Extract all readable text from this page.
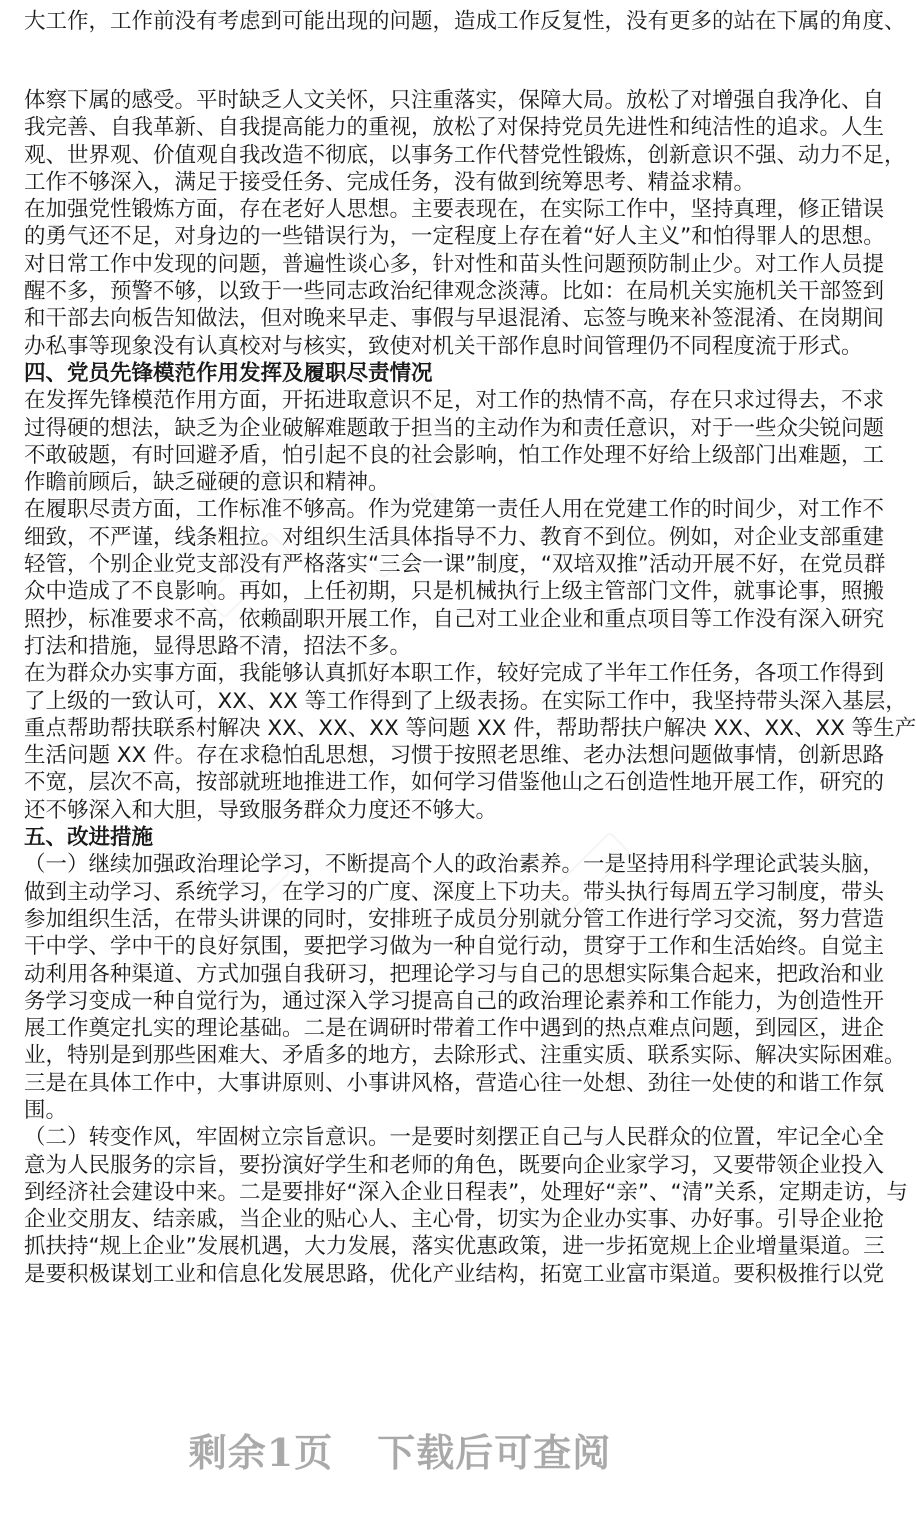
大工作，工作前没有考虑到可能出现的问题，造成工作反复性，没有更多的站在下属的角度、
体察下属的感受。平时缺乏人文关怀，只注重落实，保障大局。放松了对增强自我净化、自
我完善、自我革新、自我提高能力的重视，放松了对保持党员先进性和纯洁性的追求。人生
观、世界观、价值观自我改造不彻底，以事务工作代替党性锻炼，创新意识不强、动力不足，
工作不够深入，满足于接受任务、完成任务，没有做到统筹思考、精益求精。
在加强党性锻炼方面，存在老好人思想。主要表现在，在实际工作中，坚持真理，修正错误
的勇气还不足，对身边的一些错误行为，一定程度上存在着“好人主义”和怕得罪人的思想。
对日常工作中发现的问题，普遍性谈心多，针对性和苗头性问题预防制止少。对工作人员提
醒不多，预警不够，以致于一些同志政治纪律观念淡薄。比如：在局机关实施机关干部签到
和干部去向板告知做法，但对晚来早走、事假与早退混淆、忘签与晚来补签混淆、在岗期间
办私事等现象没有认真校对与核实，致使对机关干部作息时间管理仍不同程度流于形式。
四、党员先锋模范作用发挥及履职尽责情况
在发挥先锋模范作用方面，开拓进取意识不足，对工作的热情不高，存在只求过得去，不求
过得硬的想法，缺乏为企业破解难题敢于担当的主动作为和责任意识，对于一些众尖锐问题
不敢破题，有时回避矛盾，怕引起不良的社会影响，怕工作处理不好给上级部门出难题，工
作瞻前顾后，缺乏碰硬的意识和精神。
在履职尽责方面，工作标准不够高。作为党建第一责任人用在党建工作的时间少，对工作不
细致，不严谨，线条粗拉。对组织生活具体指导不力、教育不到位。例如，对企业支部重建
轻管，个别企业党支部没有严格落实“三会一课”制度，“双培双推”活动开展不好，在党员群
众中造成了不良影响。再如，上任初期，只是机械执行上级主管部门文件，就事论事，照搬
照抄，标准要求不高，依赖副职开展工作，自己对工业企业和重点项目等工作没有深入研究
打法和措施，显得思路不清，招法不多。
在为群众办实事方面，我能够认真抓好本职工作，较好完成了半年工作任务，各项工作得到
了上级的一致认可，XX、XX 等工作得到了上级表扬。在实际工作中，我坚持带头深入基层，
重点帮助帮扶联系村解决 XX、XX、XX 等问题 XX 件，帮助帮扶户解决 XX、XX、XX 等生产
生活问题 XX 件。存在求稳怕乱思想，习惯于按照老思维、老办法想问题做事情，创新思路
不宽，层次不高，按部就班地推进工作，如何学习借鉴他山之石创造性地开展工作，研究的
还不够深入和大胆，导致服务群众力度还不够大。
五、改进措施
（一）继续加强政治理论学习，不断提高个人的政治素养。一是坚持用科学理论武装头脑，
做到主动学习、系统学习，在学习的广度、深度上下功夫。带头执行每周五学习制度，带头
参加组织生活，在带头讲课的同时，安排班子成员分别就分管工作进行学习交流，努力营造
干中学、学中干的良好氛围，要把学习做为一种自觉行动，贯穿于工作和生活始终。自觉主
动利用各种渠道、方式加强自我研习，把理论学习与自己的思想实际集合起来，把政治和业
务学习变成一种自觉行为，通过深入学习提高自己的政治理论素养和工作能力，为创造性开
展工作奠定扎实的理论基础。二是在调研时带着工作中遇到的热点难点问题，到园区，进企
业，特别是到那些困难大、矛盾多的地方，去除形式、注重实质、联系实际、解决实际困难。
三是在具体工作中，大事讲原则、小事讲风格，营造心往一处想、劲往一处使的和谐工作氛
围。
（二）转变作风，牢固树立宗旨意识。一是要时刻摆正自己与人民群众的位置，牢记全心全
意为人民服务的宗旨，要扮演好学生和老师的角色，既要向企业家学习，又要带领企业投入
到经济社会建设中来。二是要排好“深入企业日程表”，处理好“亲”、“清”关系，定期走访，与
企业交朋友、结亲戚，当企业的贴心人、主心骨，切实为企业办实事、办好事。引导企业抢
抓扶持“规上企业”发展机遇，大力发展，落实优惠政策，进一步拓宽规上企业增量渠道。三
是要积极谋划工业和信息化发展思路，优化产业结构，拓宽工业富市渠道。要积极推行以党
剩余1页 下载后可查阅
